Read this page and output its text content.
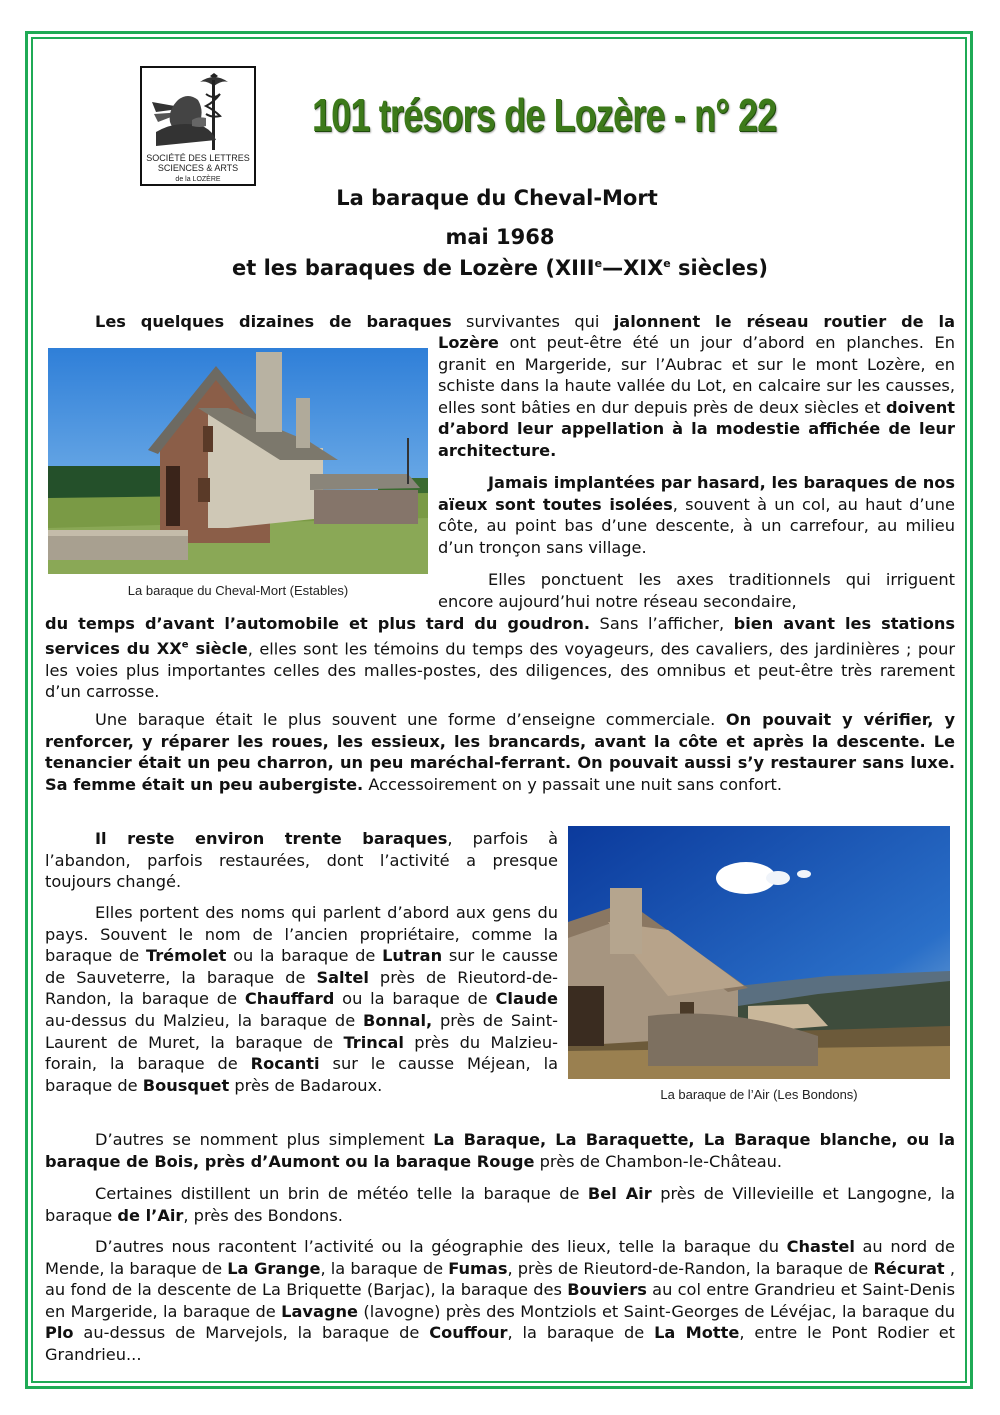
SOCIÉTÉ DES LETTRES
SCIENCES & ARTS
de la LOZÈRE
101 trésors de Lozère - n° 22
La baraque du Cheval-Mort
mai 1968
et les baraques de Lozère (XIIIe—XIXe siècles)
La baraque du Cheval-Mort (Estables)
La baraque de l’Air (Les Bondons)
Les quelques dizaines de baraques survivantes qui jalonnent le réseau routier de la
Lozère ont peut-être été un jour d’abord en planches. En granit en Margeride, sur l’Aubrac et sur le mont Lozère, en schiste dans la haute vallée du Lot, en calcaire sur les causses, elles sont bâties en dur depuis près de deux siècles et doivent d’abord leur appellation à la modestie affichée de leur architecture.
Jamais implantées par hasard, les baraques de nos aïeux sont toutes isolées, souvent à un col, au haut d’une côte, au point bas d’une descente, à un carrefour, au milieu d’un tronçon sans village.
Elles ponctuent les axes traditionnels qui irriguent encore aujourd’hui notre réseau secondaire,
du temps d’avant l’automobile et plus tard du goudron. Sans l’afficher, bien avant les stations services du XXe siècle, elles sont les témoins du temps des voyageurs, des cavaliers, des jardinières ; pour les voies plus importantes celles des malles-postes, des diligences, des omnibus et peut-être très rarement d’un carrosse.
Une baraque était le plus souvent une forme d’enseigne commerciale. On pouvait y vérifier, y renforcer, y réparer les roues, les essieux, les brancards, avant la côte et après la descente. Le tenancier était un peu charron, un peu maréchal-ferrant. On pouvait aussi s’y restaurer sans luxe. Sa femme était un peu aubergiste. Accessoirement on y passait une nuit sans confort.
Il reste environ trente baraques, parfois à l’abandon, parfois restaurées, dont l’activité a presque toujours changé.
Elles portent des noms qui parlent d’abord aux gens du pays. Souvent le nom de l’ancien propriétaire, comme la baraque de Trémolet ou la baraque de Lutran sur le causse de Sauveterre, la baraque de Saltel près de Rieutord-de-Randon, la baraque de Chauffard ou la baraque de Claude au-dessus du Malzieu, la baraque de Bonnal, près de Saint-Laurent de Muret, la baraque de Trincal près du Malzieu-forain, la baraque de Rocanti sur le causse Méjean, la baraque de Bousquet près de Badaroux.
D’autres se nomment plus simplement La Baraque, La Baraquette, La Baraque blanche, ou la baraque de Bois, près d’Aumont ou la baraque Rouge près de Chambon-le-Château.
Certaines distillent un brin de météo telle la baraque de Bel Air près de Villevieille et Langogne, la baraque de l’Air, près des Bondons.
D’autres nous racontent l’activité ou la géographie des lieux, telle la baraque du Chastel au nord de Mende, la baraque de La Grange, la baraque de Fumas, près de Rieutord-de-Randon, la baraque de Récurat , au fond de la descente de La Briquette (Barjac), la baraque des Bouviers au col entre Grandrieu et Saint-Denis en Margeride, la baraque de Lavagne (lavogne) près des Montziols et Saint-Georges de Lévéjac, la baraque du Plo au-dessus de Marvejols, la baraque de Couffour, la baraque de La Motte, entre le Pont Rodier et Grandrieu...
